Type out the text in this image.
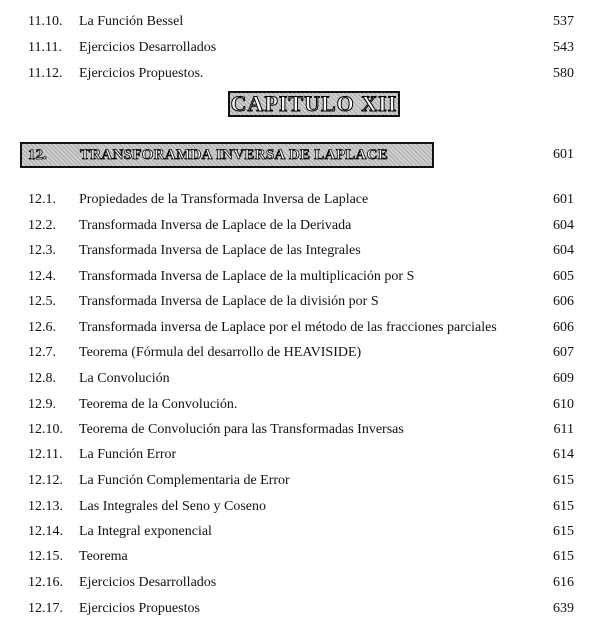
11.10. La Función Bessel	537
11.11. Ejercicios Desarrollados	543
11.12. Ejercicios Propuestos.	580
CAPITULO XII
12. TRANSFORAMDA INVERSA DE LAPLACE	601
12.1. Propiedades de la Transformada Inversa de Laplace	601
12.2. Transformada Inversa de Laplace de la Derivada	604
12.3. Transformada Inversa de Laplace de las Integrales	604
12.4. Transformada Inversa de Laplace de la multiplicación por S	605
12.5. Transformada Inversa de Laplace de la división por S	606
12.6. Transformada inversa de Laplace por el método de las fracciones parciales	606
12.7. Teorema (Fórmula del desarrollo de HEAVISIDE)	607
12.8. La Convolución	609
12.9. Teorema de la Convolución.	610
12.10. Teorema de Convolución para las Transformadas Inversas	611
12.11. La Función Error	614
12.12. La Función Complementaria de Error	615
12.13. Las Integrales del Seno y Coseno	615
12.14. La Integral exponencial	615
12.15. Teorema	615
12.16. Ejercicios Desarrollados	616
12.17. Ejercicios Propuestos	639
